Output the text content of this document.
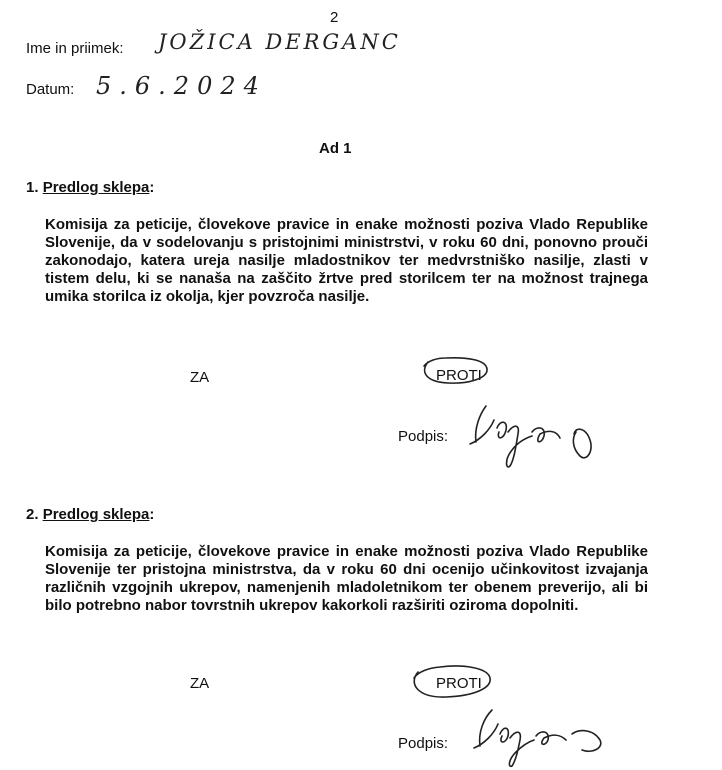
2
Ime in priimek: JOŽICA DERGANC
Datum: 5.6.2024
Ad 1
1. Predlog sklepa:
Komisija za peticije, človekove pravice in enake možnosti poziva Vlado Republike Slovenije, da v sodelovanju s pristojnimi ministrstvi, v roku 60 dni, ponovno prouči zakonodajo, katera ureja nasilje mladostnikov ter medvrstniško nasilje, zlasti v tistem delu, ki se nanaša na zaščito žrtve pred storilcem ter na možnost trajnega umika storilca iz okolja, kjer povzroča nasilje.
ZA	PROTI
Podpis:
2. Predlog sklepa:
Komisija za peticije, človekove pravice in enake možnosti poziva Vlado Republike Slovenije ter pristojna ministrstva, da v roku 60 dni ocenijo učinkovitost izvajanja različnih vzgojnih ukrepov, namenjenih mladoletnikom ter obenem preverijo, ali bi bilo potrebno nabor tovrstnih ukrepov kakorkoli razširiti oziroma dopolniti.
ZA	PROTI
Podpis:
